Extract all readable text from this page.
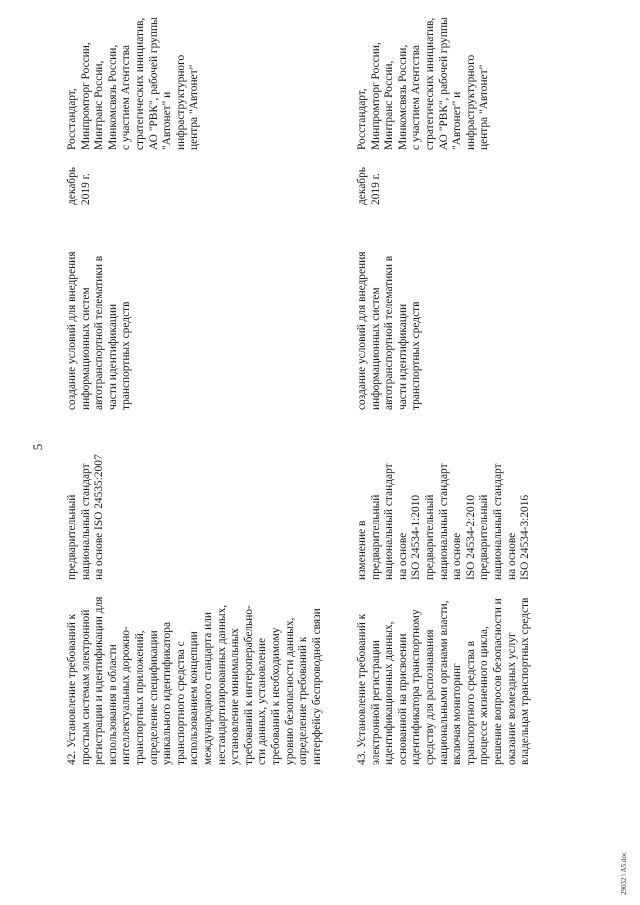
5
42. Установление требований к
простым системам электронной
регистрации и идентификации для
использования в области
интеллектуальных дорожно-
транспортных приложений,
определение спецификации
уникального идентификатора
транспортного средства с
использованием концепции
международного стандарта или
нестандартизированных данных,
установление минимальных
требований к интероперабельно-
сти данных, установление
требований к необходимому
уровню безопасности данных,
определение требований к
интерфейсу беспроводной связи
предварительный
национальный стандарт
на основе ISO 24535:2007
создание условий для внедрения
информационных систем
автотранспортной телематики в
части идентификации
транспортных средств
декабрь
2019 г.
Росстандарт,
Минпромторг России,
Минтранс России,
Минкомсвязь России,
с участием Агентства
стратегических инициатив,
АО "РВК", рабочей группы
"Автонет" и инфраструктурного
центра "Автонет"
43. Установление требований к
электронной регистрации
идентификационных данных,
основанной на присвоении
идентификатора транспортному
средству для распознавания
национальными органами власти,
включая мониторинг
транспортного средства в
процессе жизненного цикла,
решение вопросов безопасности и
оказание возмездных услуг
владельцам транспортных средств
изменение в
предварительный
национальный стандарт
на основе
ISO 24534-1:2010
предварительный
национальный стандарт
на основе
ISO 24534-2:2010
предварительный
национальный стандарт
на основе
ISO 24534-3:2016
создание условий для внедрения
информационных систем
автотранспортной телематики в
части идентификации
транспортных средств
декабрь
2019 г.
Росстандарт,
Минпромторг России,
Минтранс России,
Минкомсвязь России,
с участием Агентства
стратегических инициатив,
АО "РВК", рабочей группы
"Автонет" и инфраструктурного
центра "Автонет"
29032 \ A5.doc
